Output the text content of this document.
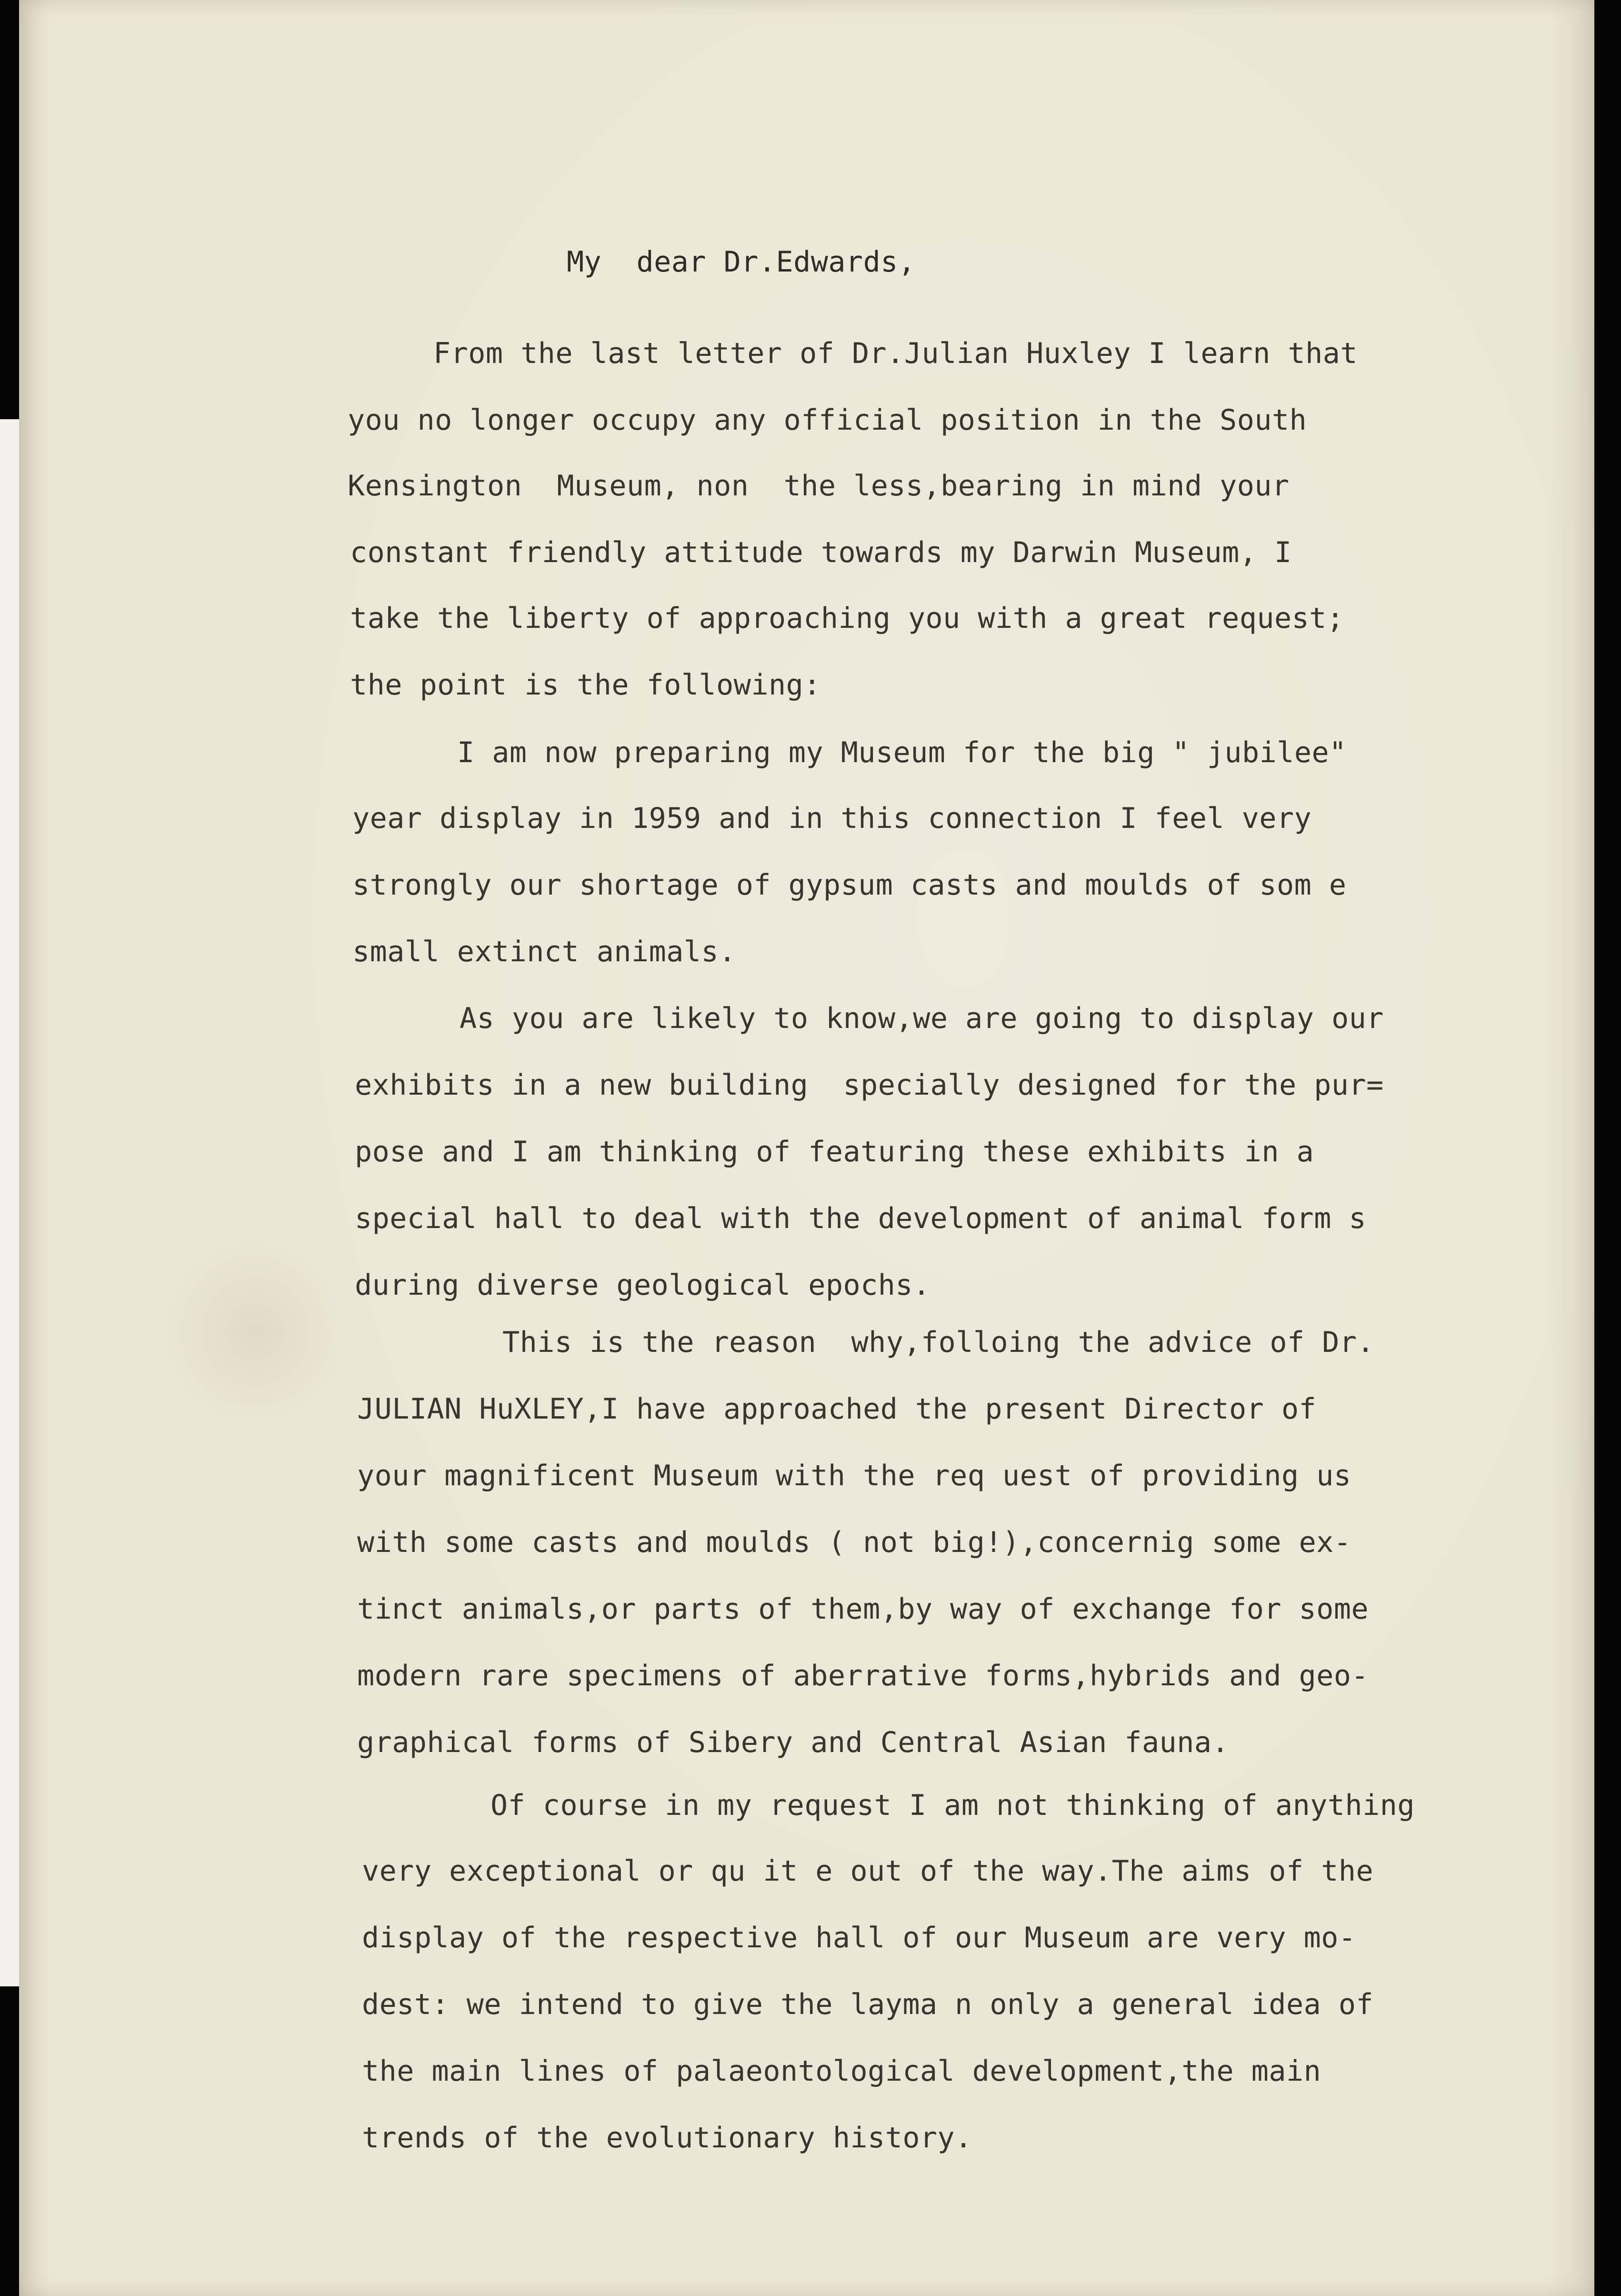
My  dear Dr.Edwards,
From the last letter of Dr.Julian Huxley I learn that
you no longer occupy any official position in the South
Kensington  Museum, non  the less,bearing in mind your
constant friendly attitude towards my Darwin Museum, I
take the liberty of approaching you with a great request;
the point is the following:
I am now preparing my Museum for the big " jubilee"
year display in 1959 and in this connection I feel very
strongly our shortage of gypsum casts and moulds of som e
small extinct animals.
As you are likely to know,we are going to display our
exhibits in a new building  specially designed for the pur=
pose and I am thinking of featuring these exhibits in a
special hall to deal with the development of animal form s
during diverse geological epochs.
This is the reason  why,folloing the advice of Dr.
JULIAN HuXLEY,I have approached the present Director of
your magnificent Museum with the req uest of providing us
with some casts and moulds ( not big!),concernig some ex-
tinct animals,or parts of them,by way of exchange for some
modern rare specimens of aberrative forms,hybrids and geo-
graphical forms of Sibery and Central Asian fauna.
Of course in my request I am not thinking of anything
very exceptional or qu it e out of the way.The aims of the
display of the respective hall of our Museum are very mo-
dest: we intend to give the layma n only a general idea of
the main lines of palaeontological development,the main
trends of the evolutionary history.
